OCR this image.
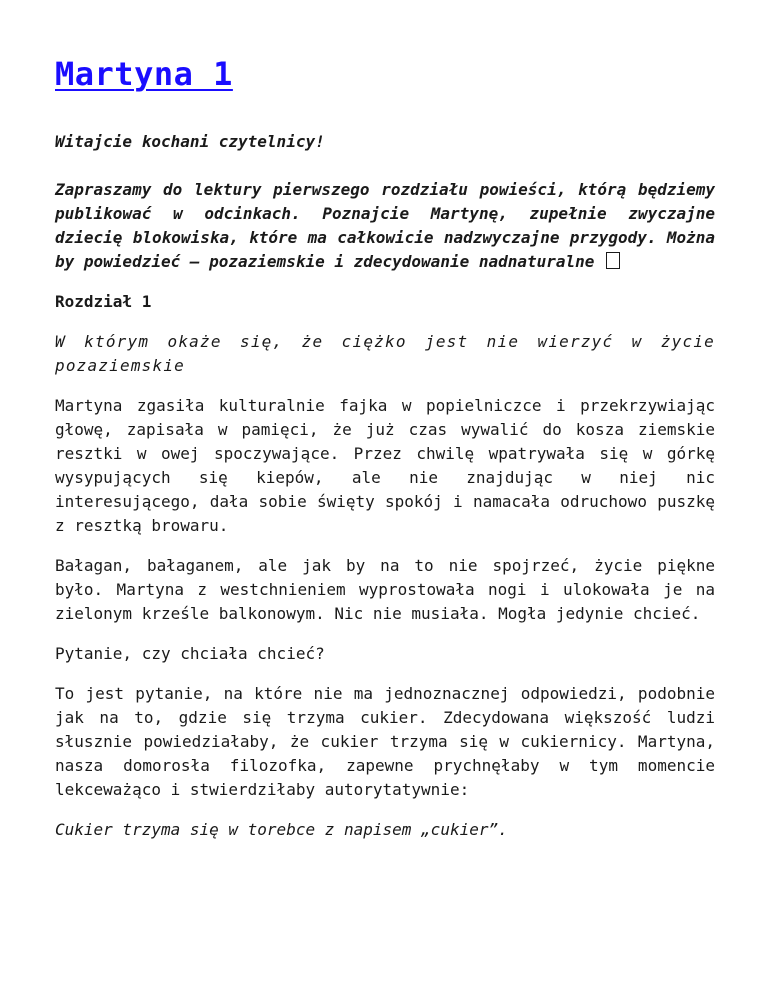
Martyna 1

Witajcie kochani czytelnicy!

Zapraszamy do lektury pierwszego rozdziału powieści, którą będziemy publikować w odcinkach. Poznajcie Martynę, zupełnie zwyczajne dziecię blokowiska, które ma całkowicie nadzwyczajne przygody. Można by powiedzieć – pozaziemskie i zdecydowanie nadnaturalne

Rozdział 1

W którym okaże się, że ciężko jest nie wierzyć w życie pozaziemskie

Martyna zgasiła kulturalnie fajka w popielniczce i przekrzywiając głowę, zapisała w pamięci, że już czas wywalić do kosza ziemskie resztki w owej spoczywające. Przez chwilę wpatrywała się w górkę wysypujących się kiepów, ale nie znajdując w niej nic interesującego, dała sobie święty spokój i namacała odruchowo puszkę z resztką browaru.

Bałagan, bałaganem, ale jak by na to nie spojrzeć, życie piękne było. Martyna z westchnieniem wyprostowała nogi i ulokowała je na zielonym krześle balkonowym. Nic nie musiała. Mogła jedynie chcieć.

Pytanie, czy chciała chcieć?

To jest pytanie, na które nie ma jednoznacznej odpowiedzi, podobnie jak na to, gdzie się trzyma cukier. Zdecydowana większość ludzi słusznie powiedziałaby, że cukier trzyma się w cukiernicy. Martyna, nasza domorosła filozofka, zapewne prychnęłaby w tym momencie lekceważąco i stwierdziłaby autorytatywnie:

Cukier trzyma się w torebce z napisem „cukier”.
